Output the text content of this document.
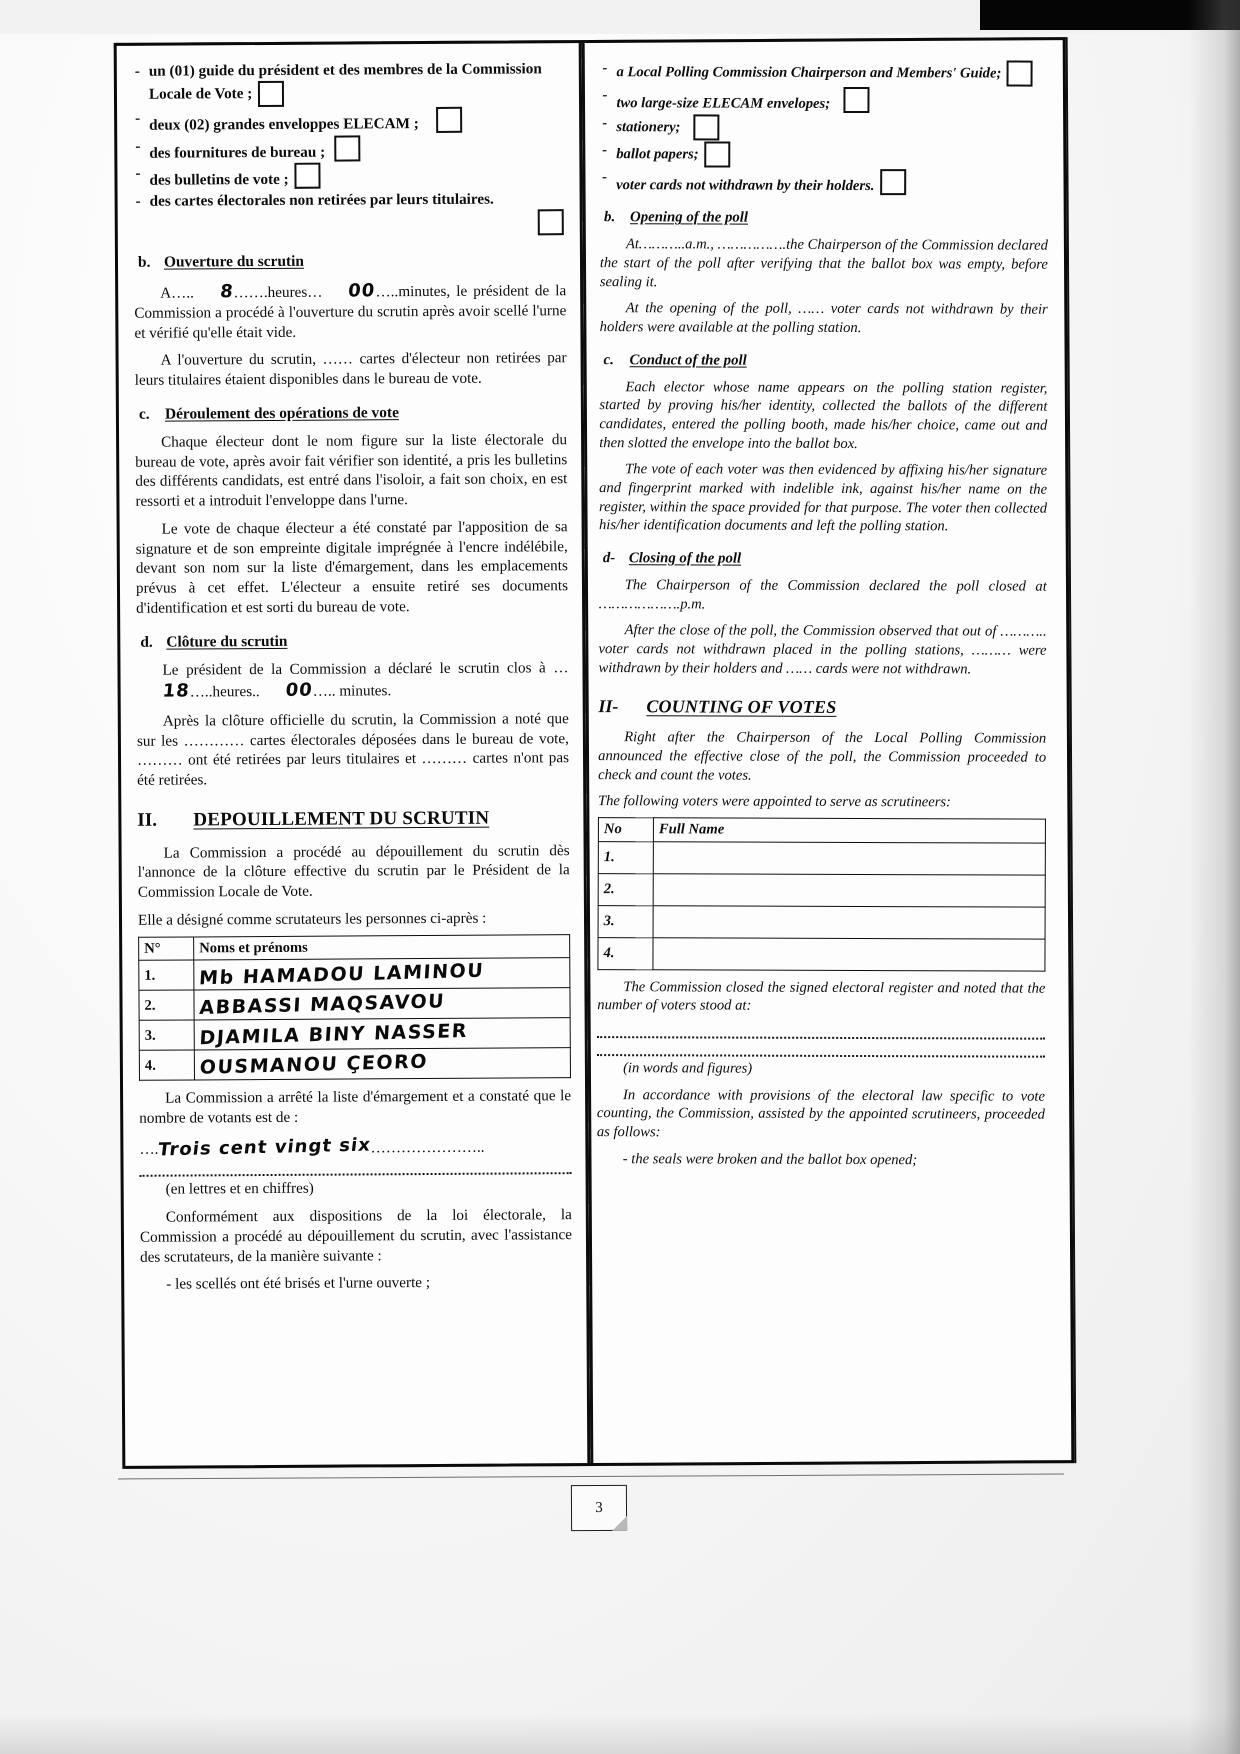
- un (01) guide du président et des membres de la Commission Locale de Vote ;
- deux (02) grandes enveloppes ELECAM ;
- des fournitures de bureau ;
- des bulletins de vote ;
- des cartes électorales non retirées par leurs titulaires.

b. Ouverture du scrutin

A….. 8…….heures… 00…..minutes, le président de la Commission a procédé à l'ouverture du scrutin après avoir scellé l'urne et vérifié qu'elle était vide.

A l'ouverture du scrutin, …… cartes d'électeur non retirées par leurs titulaires étaient disponibles dans le bureau de vote.

c. Déroulement des opérations de vote

Chaque électeur dont le nom figure sur la liste électorale du bureau de vote, après avoir fait vérifier son identité, a pris les bulletins des différents candidats, est entré dans l'isoloir, a fait son choix, en est ressorti et a introduit l'enveloppe dans l'urne.

Le vote de chaque électeur a été constaté par l'apposition de sa signature et de son empreinte digitale imprégnée à l'encre indélébile, devant son nom sur la liste d'émargement, dans les emplacements prévus à cet effet. L'électeur a ensuite retiré ses documents d'identification et est sorti du bureau de vote.

d. Clôture du scrutin

Le président de la Commission a déclaré le scrutin clos à …18…..heures.. 00….. minutes.

Après la clôture officielle du scrutin, la Commission a noté que sur les ………… cartes électorales déposées dans le bureau de vote, ……… ont été retirées par leurs titulaires et ……… cartes n'ont pas été retirées.

II.	DEPOUILLEMENT DU SCRUTIN

La Commission a procédé au dépouillement du scrutin dès l'annonce de la clôture effective du scrutin par le Président de la Commission Locale de Vote.

Elle a désigné comme scrutateurs les personnes ci-après :

N°	Noms et prénoms
1.	Mb HAMADOU LAMINOU
2.	ABBASSI MAQSAVOU
3.	DJAMILA BINY NASSER
4.	OUSMANOU ÇEORO

La Commission a arrêté la liste d'émargement et a constaté que le nombre de votants est de :

….Trois cent vingt six…………………..

(en lettres et en chiffres)

Conformément aux dispositions de la loi électorale, la Commission a procédé au dépouillement du scrutin, avec l'assistance des scrutateurs, de la manière suivante :

- les scellés ont été brisés et l'urne ouverte ;

- a Local Polling Commission Chairperson and Members' Guide;
- two large-size ELECAM envelopes;
- stationery;
- ballot papers;
- voter cards not withdrawn by their holders.
b. Opening of the poll

At………..a.m., …………….the Chairperson of the Commission declared the start of the poll after verifying that the ballot box was empty, before sealing it.

At the opening of the poll, …… voter cards not withdrawn by their holders were available at the polling station.

c. Conduct of the poll

Each elector whose name appears on the polling station register, started by proving his/her identity, collected the ballots of the different candidates, entered the polling booth, made his/her choice, came out and then slotted the envelope into the ballot box.

The vote of each voter was then evidenced by affixing his/her signature and fingerprint marked with indelible ink, against his/her name on the register, within the space provided for that purpose. The voter then collected his/her identification documents and left the polling station.

d- Closing of the poll

The Chairperson of the Commission declared the poll closed at ……………….p.m.

After the close of the poll, the Commission observed that out of ……….. voter cards not withdrawn placed in the polling stations, ……… were withdrawn by their holders and …… cards were not withdrawn.

II-	COUNTING OF VOTES

Right after the Chairperson of the Local Polling Commission announced the effective close of the poll, the Commission proceeded to check and count the votes.

The following voters were appointed to serve as scrutineers:

No	Full Name
1.	
2.	
3.	
4.	

The Commission closed the signed electoral register and noted that the number of voters stood at:

(in words and figures)

In accordance with provisions of the electoral law specific to vote counting, the Commission, assisted by the appointed scrutineers, proceeded as follows:

- the seals were broken and the ballot box opened;

3
